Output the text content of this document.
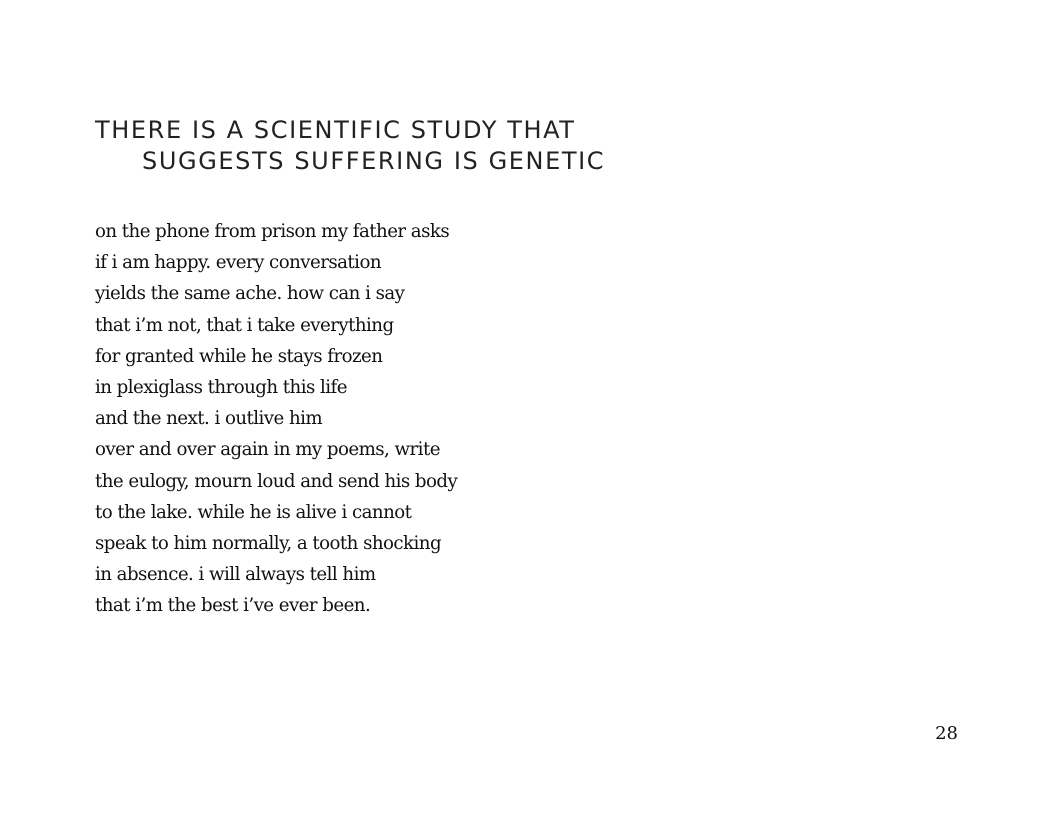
THERE IS A SCIENTIFIC STUDY THAT
SUGGESTS SUFFERING IS GENETIC
on the phone from prison my father asks
if i am happy. every conversation
yields the same ache. how can i say
that i’m not, that i take everything
for granted while he stays frozen
in plexiglass through this life
and the next. i outlive him
over and over again in my poems, write
the eulogy, mourn loud and send his body
to the lake. while he is alive i cannot
speak to him normally, a tooth shocking
in absence. i will always tell him
that i’m the best i’ve ever been.
28
